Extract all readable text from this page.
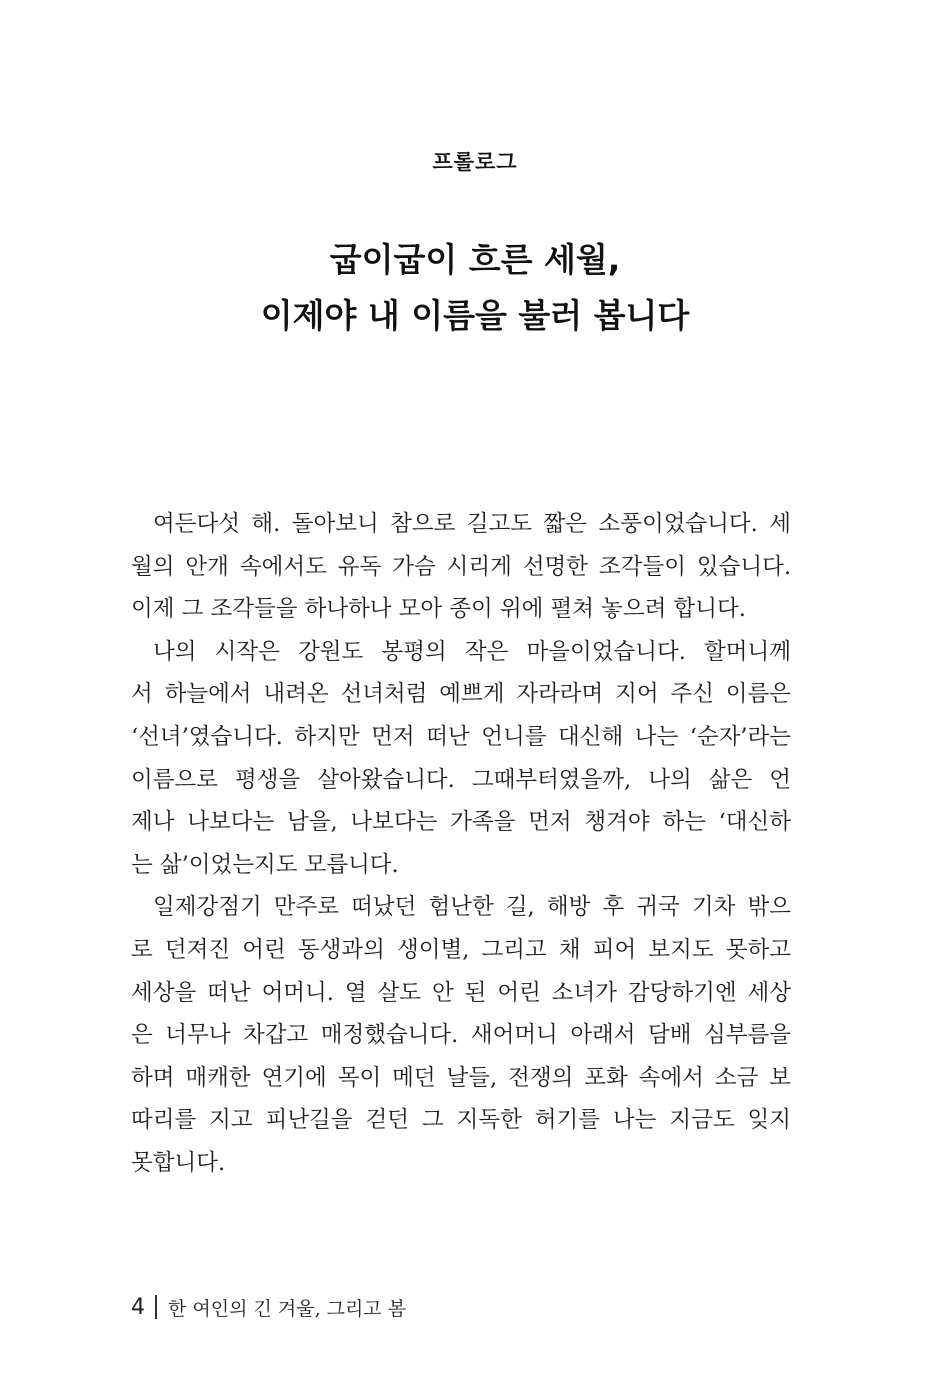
프롤로그
굽이굽이 흐른 세월,
이제야 내 이름을 불러 봅니다

여든다섯 해. 돌아보니 참으로 길고도 짧은 소풍이었습니다. 세
월의 안개 속에서도 유독 가슴 시리게 선명한 조각들이 있습니다.
이제 그 조각들을 하나하나 모아 종이 위에 펼쳐 놓으려 합니다.

나의 시작은 강원도 봉평의 작은 마을이었습니다. 할머니께
서 하늘에서 내려온 선녀처럼 예쁘게 자라라며 지어 주신 이름은
‘선녀’였습니다. 하지만 먼저 떠난 언니를 대신해 나는 ‘순자’라는
이름으로 평생을 살아왔습니다. 그때부터였을까, 나의 삶은 언
제나 나보다는 남을, 나보다는 가족을 먼저 챙겨야 하는 ‘대신하
는 삶’이었는지도 모릅니다.

일제강점기 만주로 떠났던 험난한 길, 해방 후 귀국 기차 밖으
로 던져진 어린 동생과의 생이별, 그리고 채 피어 보지도 못하고
세상을 떠난 어머니. 열 살도 안 된 어린 소녀가 감당하기엔 세상
은 너무나 차갑고 매정했습니다. 새어머니 아래서 담배 심부름을
하며 매캐한 연기에 목이 메던 날들, 전쟁의 포화 속에서 소금 보
따리를 지고 피난길을 걷던 그 지독한 허기를 나는 지금도 잊지
못합니다.

4 한 여인의 긴 겨울, 그리고 봄
